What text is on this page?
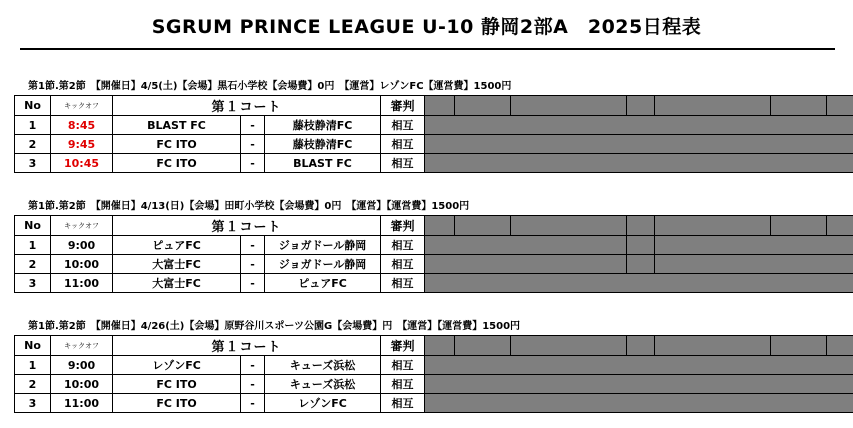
SGRUM PRINCE LEAGUE U-10 静岡2部A　2025日程表
第1節.第2節　【開催日】4/5(土)【会場】黒石小学校【会場費】0円　【運営】レゾンFC【運営費】1500円
No	キックオフ	第１コート			審判							
1	8:45	BLAST FC	-	藤枝静清FC	相互							
2	9:45	FC ITO	-	藤枝静清FC	相互							
3	10:45	FC ITO	-	BLAST FC	相互							
第1節.第2節　【開催日】4/13(日)【会場】田町小学校【会場費】0円　【運営】【運営費】1500円
No	キックオフ	第１コート			審判							
1	9:00	ピュアFC	-	ジョガドール静岡	相互							
2	10:00	大富士FC	-	ジョガドール静岡	相互							
3	11:00	大富士FC	-	ピュアFC	相互							
第1節.第2節　【開催日】4/26(土)【会場】原野谷川スポーツ公園G【会場費】円　【運営】【運営費】1500円
No	キックオフ	第１コート			審判							
1	9:00	レゾンFC	-	キューズ浜松	相互							
2	10:00	FC ITO	-	キューズ浜松	相互							
3	11:00	FC ITO	-	レゾンFC	相互							
